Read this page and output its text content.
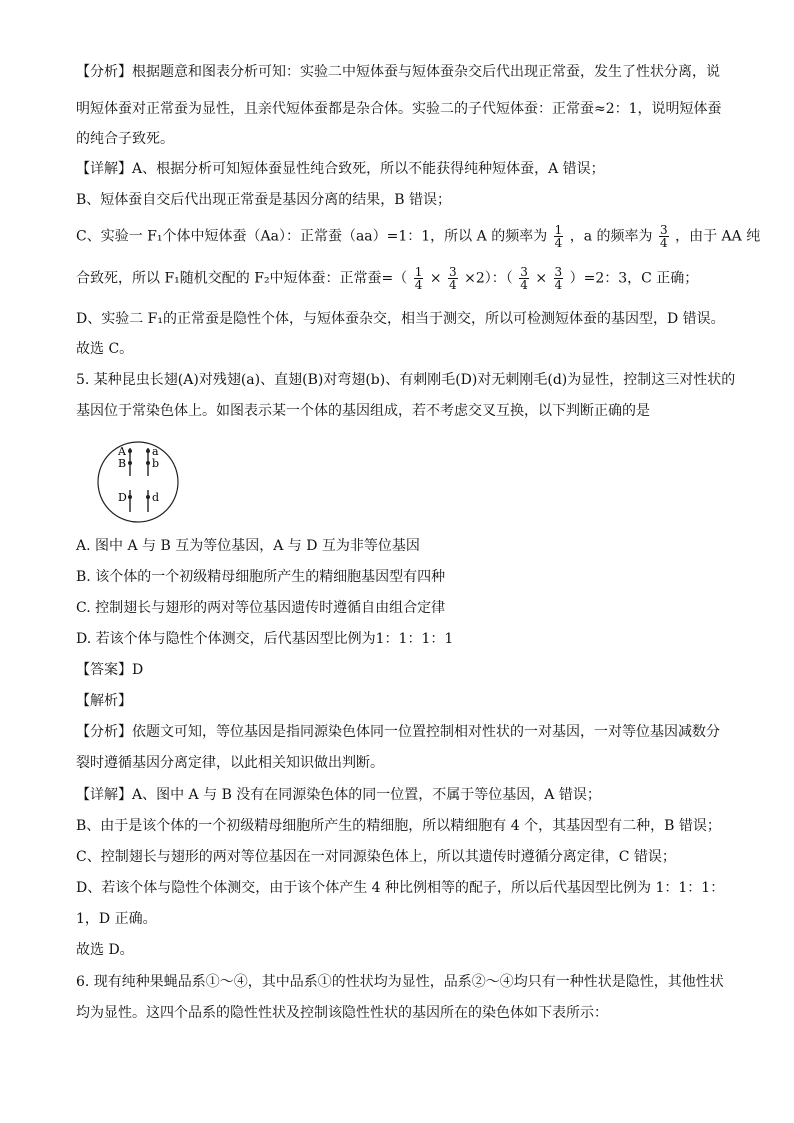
【分析】根据题意和图表分析可知：实验二中短体蚕与短体蚕杂交后代出现正常蚕，发生了性状分离，说
明短体蚕对正常蚕为显性，且亲代短体蚕都是杂合体。实验二的子代短体蚕：正常蚕≈2：1，说明短体蚕
的纯合子致死。
【详解】A、根据分析可知短体蚕显性纯合致死，所以不能获得纯种短体蚕，A 错误；
B、短体蚕自交后代出现正常蚕是基因分离的结果，B 错误；
C、实验一 F₁个体中短体蚕（Aa）：正常蚕（aa）=1：1，所以 A 的频率为 $\frac{1}{4}$ ，a 的频率为 $\frac{3}{4}$ ，由于 AA 纯
合致死，所以 F₁随机交配的 F₂中短体蚕：正常蚕=（ $\frac{1}{4} \times \frac{3}{4} \times 2$）：（ $\frac{3}{4} \times \frac{3}{4} )=2$：3，C 正确；
D、实验二 F₁的正常蚕是隐性个体，与短体蚕杂交，相当于测交，所以可检测短体蚕的基因型，D 错误。
故选 C。
5. 某种昆虫长翅(A)对残翅(a)、直翅(B)对弯翅(b)、有刺刚毛(D)对无刺刚毛(d)为显性，控制这三对性状的
基因位于常染色体上。如图表示某一个体的基因组成，若不考虑交叉互换，以下判断正确的是
A
B
D
a
b
d
A. 图中 A 与 B 互为等位基因，A 与 D 互为非等位基因
B. 该个体的一个初级精母细胞所产生的精细胞基因型有四种
C. 控制翅长与翅形的两对等位基因遗传时遵循自由组合定律
D. 若该个体与隐性个体测交，后代基因型比例为1：1：1：1
【答案】D
【解析】
【分析】依题文可知，等位基因是指同源染色体同一位置控制相对性状的一对基因，一对等位基因减数分
裂时遵循基因分离定律，以此相关知识做出判断。
【详解】A、图中 A 与 B 没有在同源染色体的同一位置，不属于等位基因，A 错误；
B、由于是该个体的一个初级精母细胞所产生的精细胞，所以精细胞有 4 个，其基因型有二种，B 错误；
C、控制翅长与翅形的两对等位基因在一对同源染色体上，所以其遗传时遵循分离定律，C 错误；
D、若该个体与隐性个体测交，由于该个体产生 4 种比例相等的配子，所以后代基因型比例为 1：1：1：
1，D 正确。
故选 D。
6. 现有纯种果蝇品系①～④，其中品系①的性状均为显性，品系②～④均只有一种性状是隐性，其他性状
均为显性。这四个品系的隐性性状及控制该隐性性状的基因所在的染色体如下表所示：
